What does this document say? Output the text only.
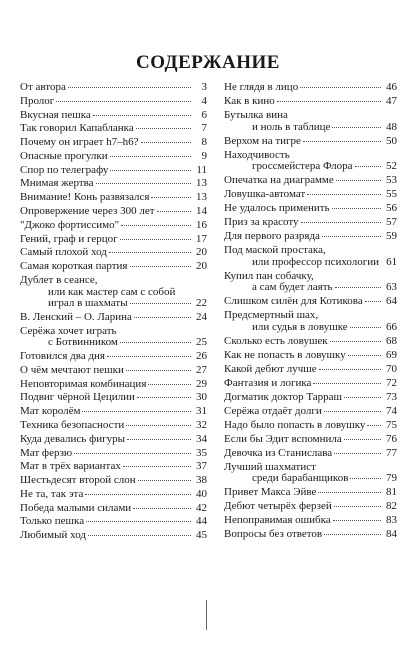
СОДЕРЖАНИЕ
От автора	3
Пролог	4
Вкусная пешка	6
Так говорил Капабланка	7
Почему он играет h7–h6?	8
Опасные прогулки	9
Спор по телеграфу	11
Мнимая жертва	13
Внимание! Конь развязался	13
Опровержение через 300 лет	14
"Джоко фортиссимо"	16
Гений, граф и герцог	17
Самый плохой ход	20
Самая короткая партия	20
Дублет в сеансе,
или как мастер сам с собой
играл в шахматы	22
В. Ленский – О. Ларина	24
Серёжа хочет играть
с Ботвинником	25
Готовился два дня	26
О чём мечтают пешки	27
Неповторимая комбинация	29
Подвиг чёрной Цецилии	30
Мат королём	31
Техника безопасности	32
Куда девались фигуры	34
Мат ферзю	35
Мат в трёх вариантах	37
Шестьдесят второй слон	38
Не та, так эта	40
Победа малыми силами	42
Только пешка	44
Любимый ход	45
Не глядя в лицо	46
Как в кино	47
Бутылка вина
и ноль в таблице	48
Верхом на тигре	50
Находчивость
гроссмейстера Флора	52
Опечатка на диаграмме	53
Ловушка-автомат	55
Не удалось применить	56
Приз за красоту	57
Для первого разряда	59
Под маской простака,
или профессор психологии 61
Купил пан собачку,
а сам будет лаять	63
Слишком силён для Котикова 64
Предсмертный шах,
или судья в ловушке	66
Сколько есть ловушек	68
Как не попасть в ловушку	69
Какой дебют лучше	70
Фантазия и логика	72
Догматик доктор Тарраш	73
Серёжа отдаёт долги	74
Надо было попасть в ловушку 75
Если бы Эдит вспомнила	76
Девочка из Станислава	77
Лучший шахматист
среди барабанщиков	79
Привет Макса Эйве	81
Дебют четырёх ферзей	82
Непоправимая ошибка	83
Вопросы без ответов	84
